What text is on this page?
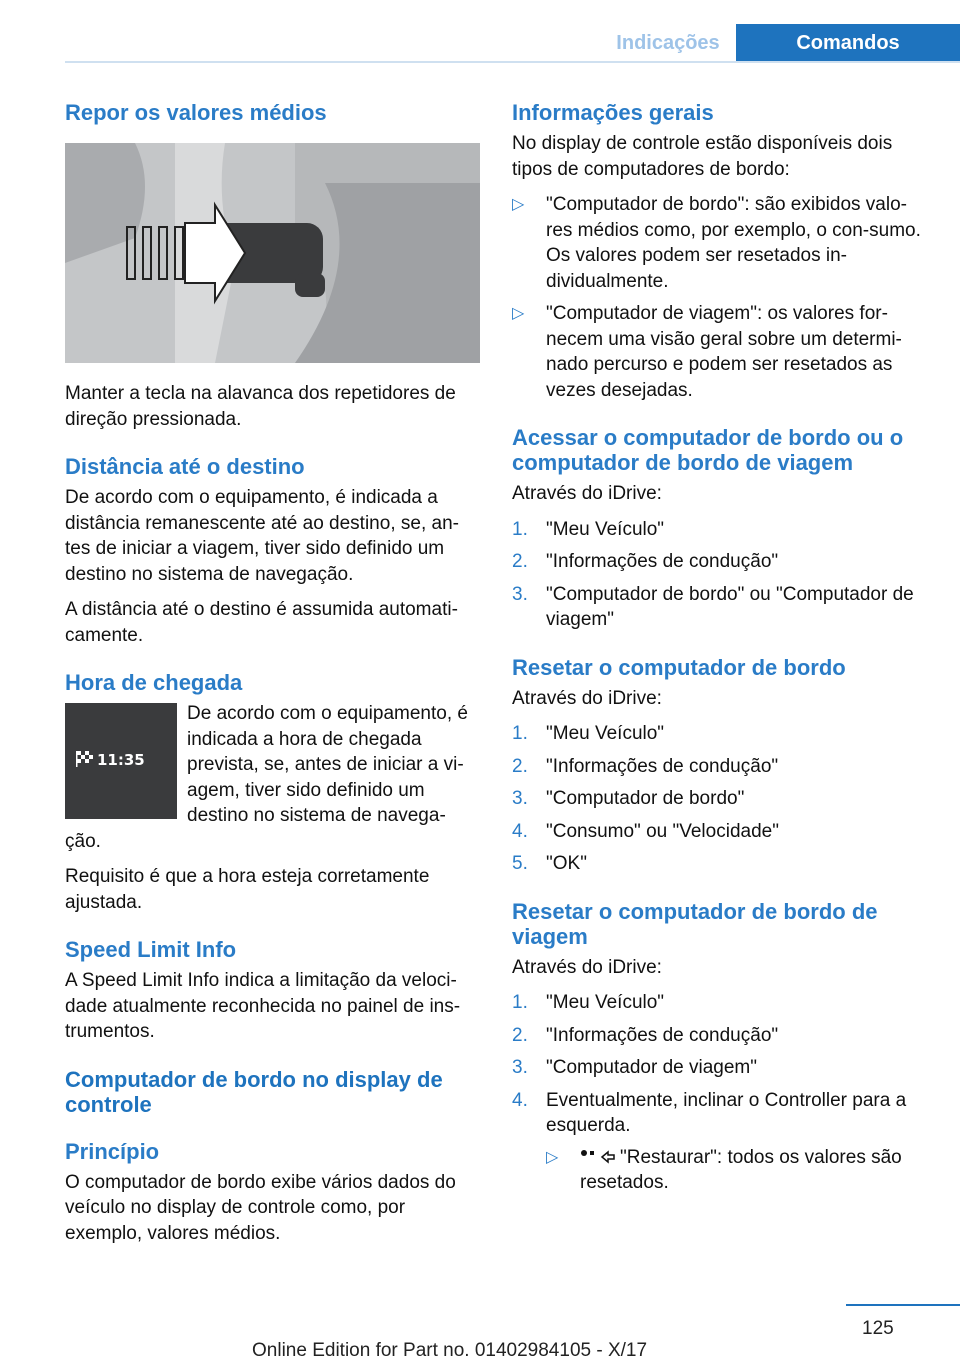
Indicações	Comandos
Repor os valores médios

Manter a tecla na alavanca dos repetidores de direção pressionada.

Distância até o destino

De acordo com o equipamento, é indicada a distância remanescente até ao destino, se, an-tes de iniciar a viagem, tiver sido definido um destino no sistema de navegação.

A distância até o destino é assumida automati-camente.

Hora de chegada
11:35

De acordo com o equipamento, é indicada a hora de chegada prevista, se, antes de iniciar a vi-agem, tiver sido definido um destino no sistema de navega-ção.

Requisito é que a hora esteja corretamente ajustada.

Speed Limit Info

A Speed Limit Info indica a limitação da veloci-dade atualmente reconhecida no painel de ins-trumentos.

Computador de bordo no display de controle
Princípio

O computador de bordo exibe vários dados do veículo no display de controle como, por exemplo, valores médios.

Informações gerais

No display de controle estão disponíveis dois tipos de computadores de bordo:

▷ "Computador de bordo": são exibidos valo-res médios como, por exemplo, o con-sumo. Os valores podem ser resetados in-dividualmente.
▷ "Computador de viagem": os valores for-necem uma visão geral sobre um determi-nado percurso e podem ser resetados as vezes desejadas.
Acessar o computador de bordo ou o computador de bordo de viagem

Através do iDrive:

1. "Meu Veículo"
2. "Informações de condução"
3. "Computador de bordo" ou "Computador de viagem"
Resetar o computador de bordo

Através do iDrive:

1. "Meu Veículo"
2. "Informações de condução"
3. "Computador de bordo"
4. "Consumo" ou "Velocidade"
5. "OK"
Resetar o computador de bordo de viagem

Através do iDrive:

1. "Meu Veículo"
2. "Informações de condução"
3. "Computador de viagem"
4. Eventualmente, inclinar o Controller para a esquerda.
▷	"Restaurar": todos os valores são resetados.
125
Online Edition for Part no. 01402984105 - X/17
